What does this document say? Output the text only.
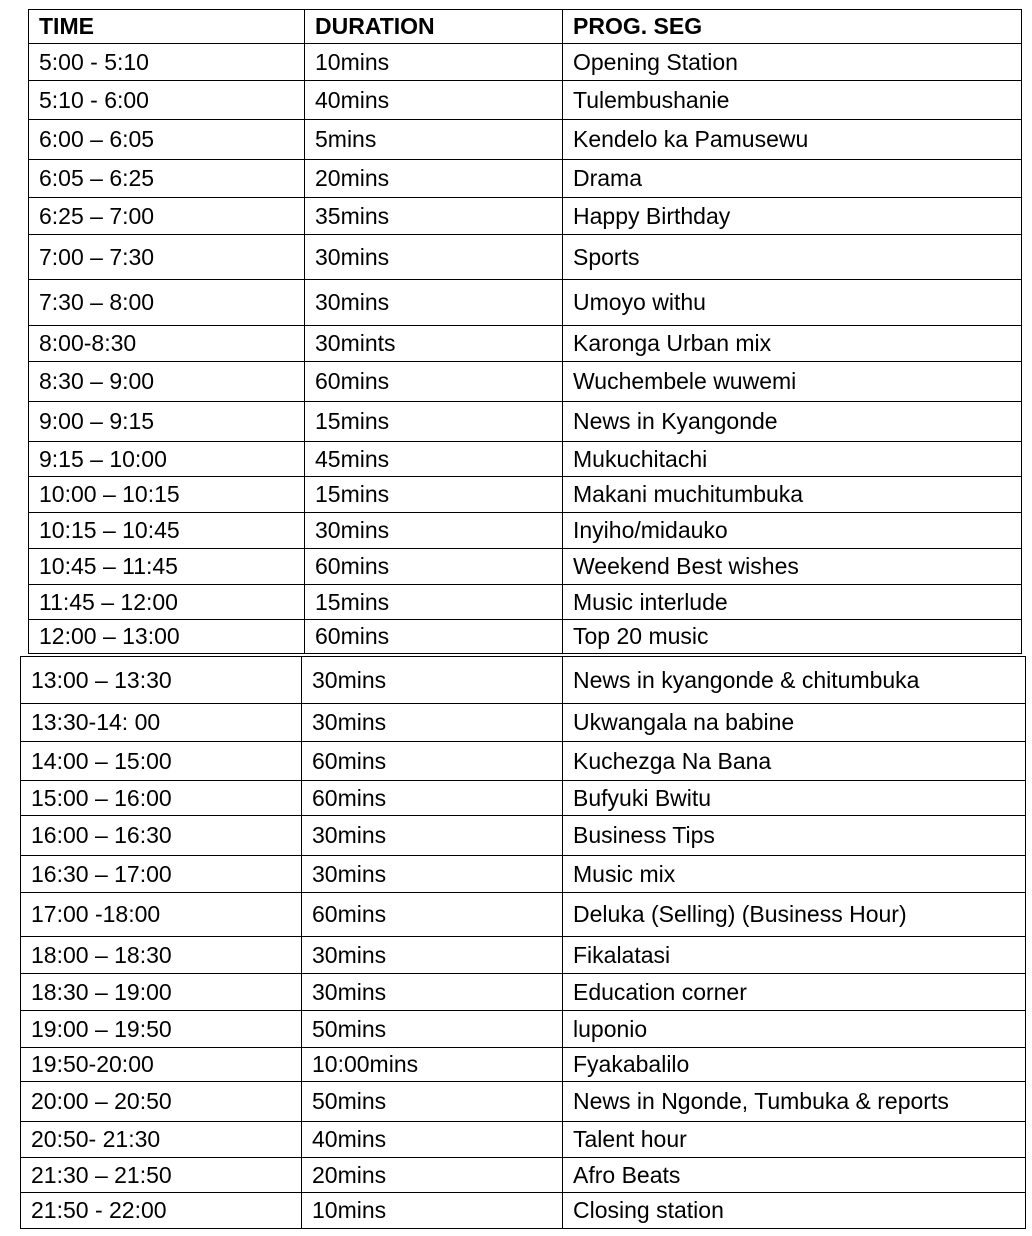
TIME	DURATION	PROG. SEG
5:00 - 5:10	10mins	Opening Station
5:10 - 6:00	40mins	Tulembushanie
6:00 – 6:05	5mins	Kendelo ka Pamusewu
6:05 – 6:25	20mins	Drama
6:25 – 7:00	35mins	Happy Birthday
7:00 – 7:30	30mins	Sports
7:30 – 8:00	30mins	Umoyo withu
8:00-8:30	30mints	Karonga Urban mix
8:30 – 9:00	60mins	Wuchembele wuwemi
9:00 – 9:15	15mins	News in Kyangonde
9:15 – 10:00	45mins	Mukuchitachi
10:00 – 10:15	15mins	Makani muchitumbuka
10:15 – 10:45	30mins	Inyiho/midauko
10:45 – 11:45	60mins	Weekend Best wishes
11:45 – 12:00	15mins	Music interlude
12:00 – 13:00	60mins	Top 20 music
13:00 – 13:30	30mins	News in kyangonde & chitumbuka
13:30-14: 00	30mins	Ukwangala na babine
14:00 – 15:00	60mins	Kuchezga Na Bana
15:00 – 16:00	60mins	Bufyuki Bwitu
16:00 – 16:30	30mins	Business Tips
16:30 – 17:00	30mins	Music mix
17:00 -18:00	60mins	Deluka (Selling) (Business Hour)
18:00 – 18:30	30mins	Fikalatasi
18:30 – 19:00	30mins	Education corner
19:00 – 19:50	50mins	luponio
19:50-20:00	10:00mins	Fyakabalilo
20:00 – 20:50	50mins	News in Ngonde, Tumbuka & reports
20:50- 21:30	40mins	Talent hour
21:30 – 21:50	20mins	Afro Beats
21:50 - 22:00	10mins	Closing station
